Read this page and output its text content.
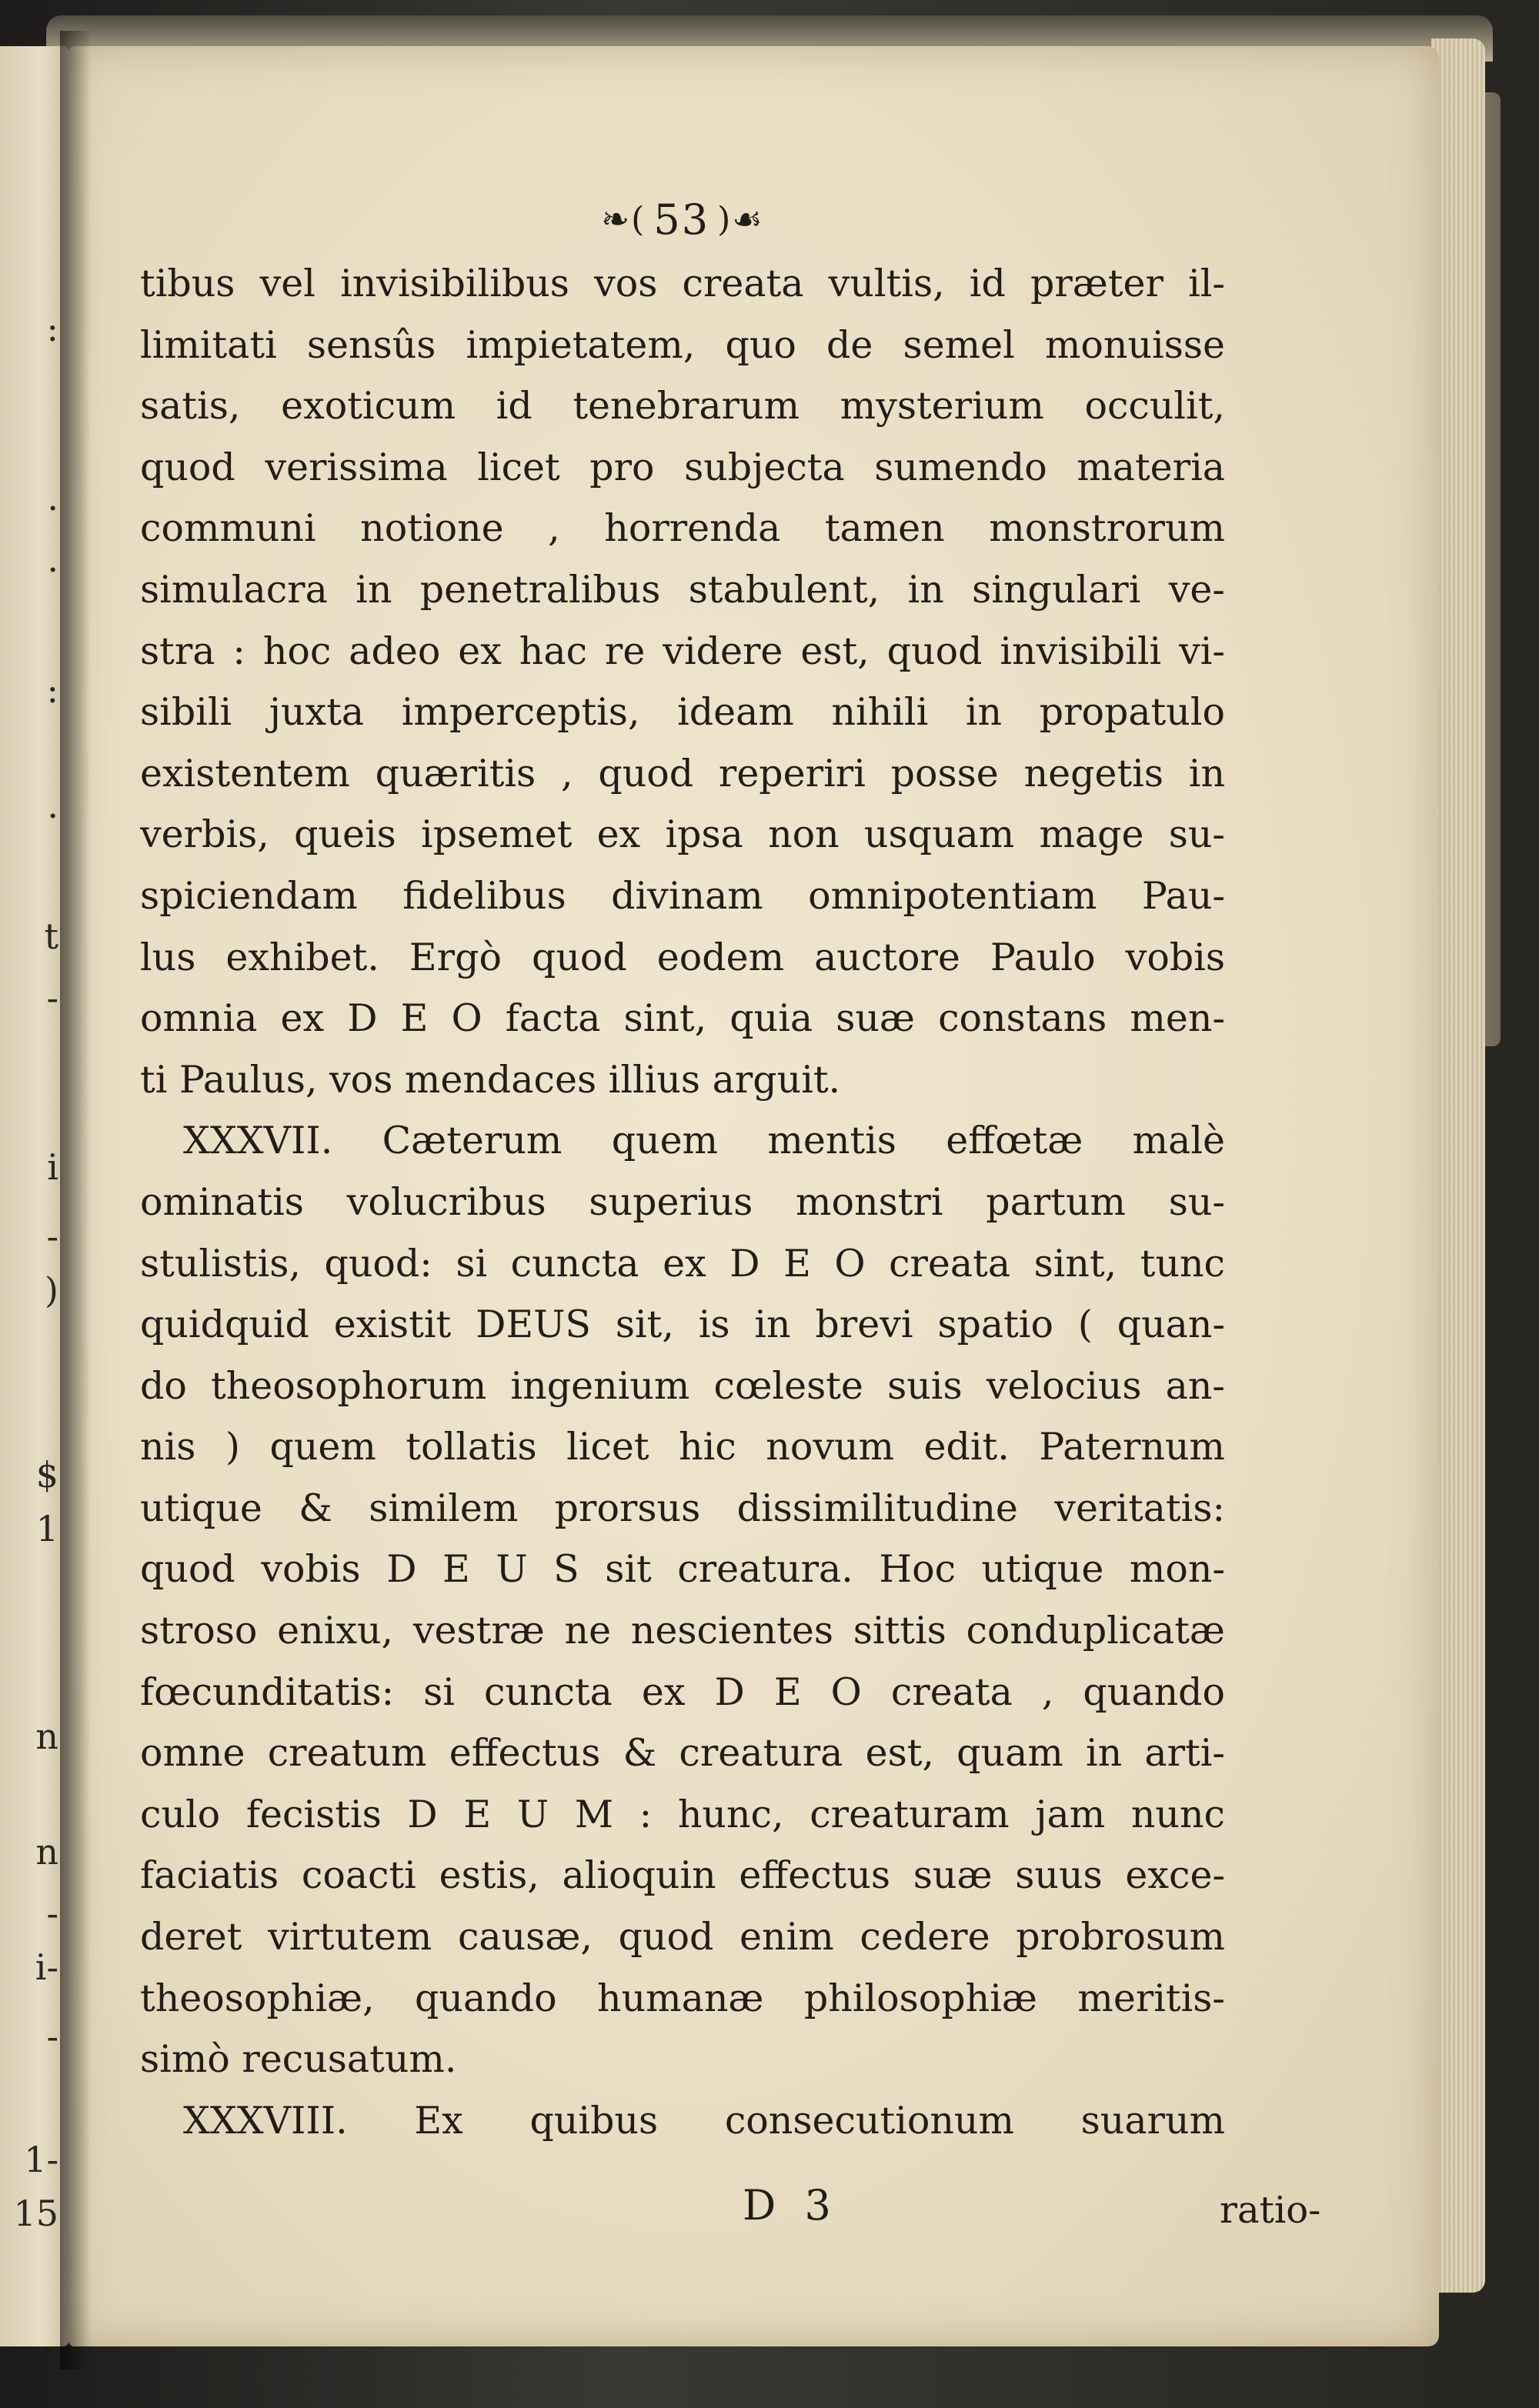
:
.
.
:
.
t
-
i
-
)
$
1
n
n
-
i-
-
1-
15
❧( 53 )☙
tibus vel invisibilibus vos creata vultis, id præter il-
limitati sensûs impietatem, quo de semel monuisse
satis, exoticum id tenebrarum mysterium occulit,
quod verissima licet pro subjecta sumendo materia
communi notione , horrenda tamen monstrorum
simulacra in penetralibus stabulent, in singulari ve-
stra : hoc adeo ex hac re videre est, quod invisibili vi-
sibili juxta imperceptis, ideam nihili in propatulo
existentem quæritis , quod reperiri posse negetis in
verbis, queis ipsemet ex ipsa non usquam mage su-
spiciendam fidelibus divinam omnipotentiam Pau-
lus exhibet. Ergò quod eodem auctore Paulo vobis
omnia ex D E O facta sint, quia suæ constans men-
ti Paulus, vos mendaces illius arguit.
XXXVII. Cæterum quem mentis effœtæ malè
ominatis volucribus superius monstri partum su-
stulistis, quod: si cuncta ex D E O creata sint, tunc
quidquid existit DEUS sit, is in brevi spatio ( quan-
do theosophorum ingenium cœleste suis velocius an-
nis ) quem tollatis licet hic novum edit. Paternum
utique & similem prorsus dissimilitudine veritatis:
quod vobis D E U S sit creatura. Hoc utique mon-
stroso enixu, vestræ ne nescientes sittis conduplicatæ
fœcunditatis: si cuncta ex D E O creata , quando
omne creatum effectus & creatura est, quam in arti-
culo fecistis D E U M : hunc, creaturam jam nunc
faciatis coacti estis, alioquin effectus suæ suus exce-
deret virtutem causæ, quod enim cedere probrosum
theosophiæ, quando humanæ philosophiæ meritis-
simò recusatum.
XXXVIII. Ex quibus consecutionum suarum
D 3	ratio-
